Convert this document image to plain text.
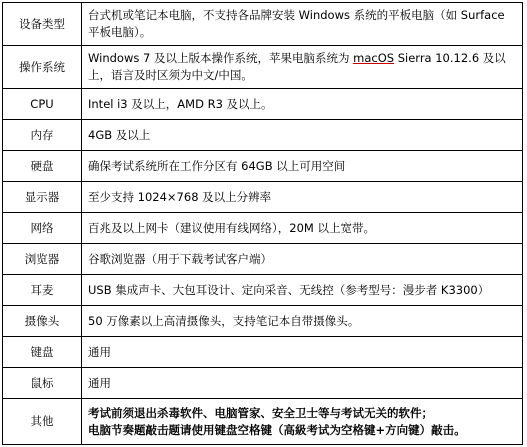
设备类型	台式机或笔记本电脑，不支持各品牌安装 Windows 系统的平板电脑（如 Surface 平板电脑）。
操作系统	Windows 7 及以上版本操作系统，苹果电脑系统为 macOS Sierra 10.12.6 及以上，语言及时区须为中文/中国。
CPU	Intel i3 及以上，AMD R3 及以上。
内存	4GB 及以上
硬盘	确保考试系统所在工作分区有 64GB 以上可用空间
显示器	至少支持 1024×768 及以上分辨率
网络	百兆及以上网卡（建议使用有线网络），20M 以上宽带。
浏览器	谷歌浏览器（用于下载考试客户端）
耳麦	USB 集成声卡、大包耳设计、定向采音、无线控（参考型号：漫步者 K3300）
摄像头	50 万像素以上高清摄像头，支持笔记本自带摄像头。
键盘	通用
鼠标	通用
其他	考试前须退出杀毒软件、电脑管家、安全卫士等与考试无关的软件；
电脑节奏题敲击题请使用键盘空格键（高級考试为空格键+方向键）敲击。
